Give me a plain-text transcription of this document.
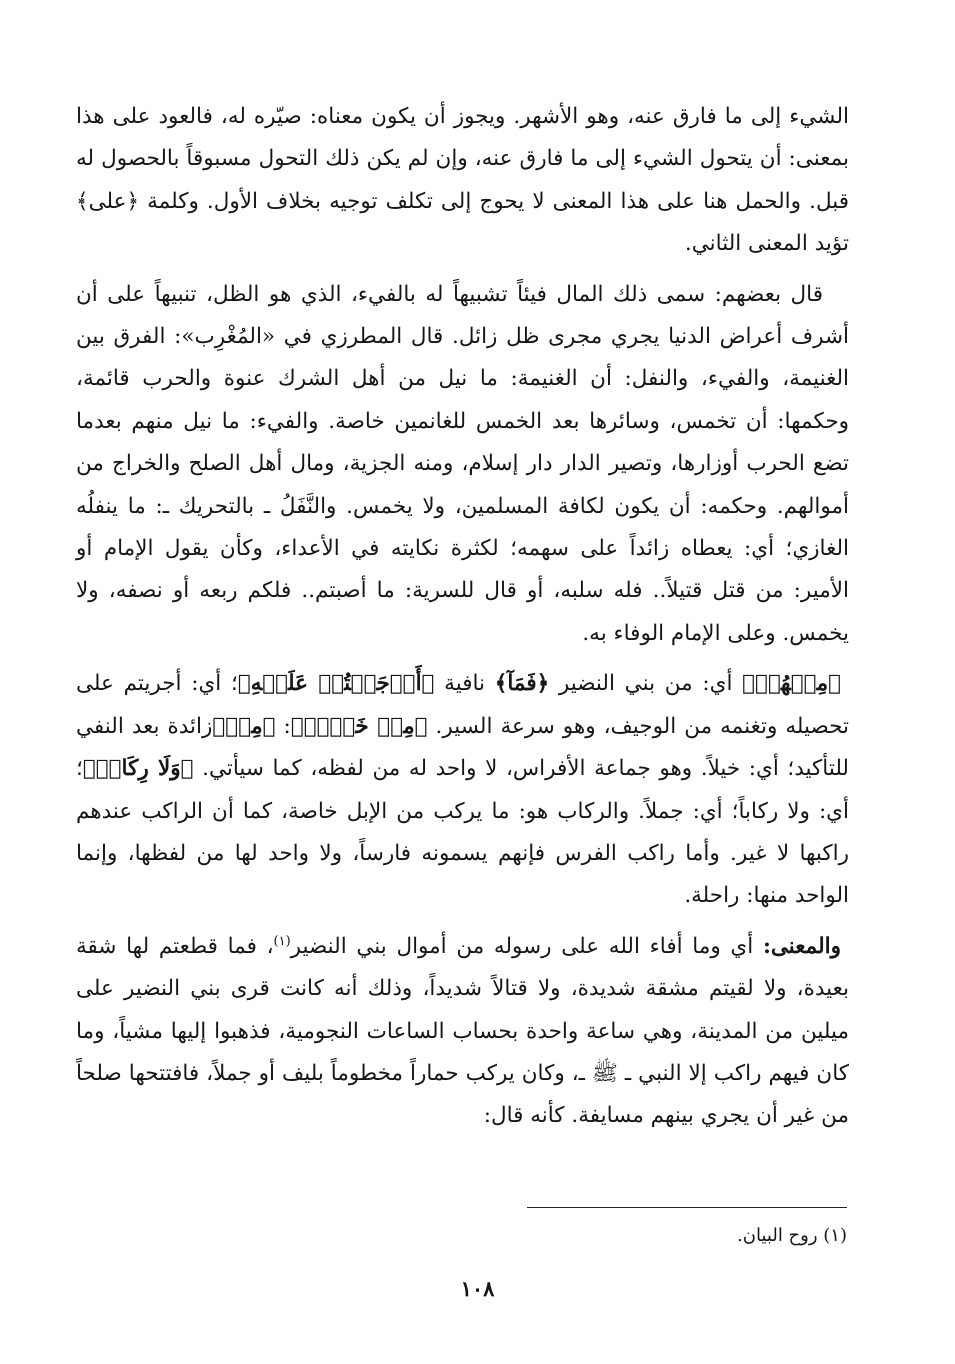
الشيء إلى ما فارق عنه، وهو الأشهر. ويجوز أن يكون معناه: صيّره له، فالعود على هذا بمعنى: أن يتحول الشيء إلى ما فارق عنه، وإن لم يكن ذلك التحول مسبوقاً بالحصول له قبل. والحمل هنا على هذا المعنى لا يحوج إلى تكلف توجيه بخلاف الأول. وكلمة ﴿على﴾ تؤيد المعنى الثاني.

قال بعضهم: سمى ذلك المال فيئاً تشبيهاً له بالفيء، الذي هو الظل، تنبيهاً على أن أشرف أعراض الدنيا يجري مجرى ظل زائل. قال المطرزي في «المُغْرِب»: الفرق بين الغنيمة، والفيء، والنفل: أن الغنيمة: ما نيل من أهل الشرك عنوة والحرب قائمة، وحكمها: أن تخمس، وسائرها بعد الخمس للغانمين خاصة. والفيء: ما نيل منهم بعدما تضع الحرب أوزارها، وتصير الدار دار إسلام، ومنه الجزية، ومال أهل الصلح والخراج من أموالهم. وحكمه: أن يكون لكافة المسلمين، ولا يخمس. والنَّفَلُ ـ بالتحريك ـ: ما ينفلُه الغازي؛ أي: يعطاه زائداً على سهمه؛ لكثرة نكايته في الأعداء، وكأن يقول الإمام أو الأمير: من قتل قتيلاً.. فله سلبه، أو قال للسرية: ما أصبتم.. فلكم ربعه أو نصفه، ولا يخمس. وعلى الإمام الوفاء به.

﴿مِنۡهُمۡ﴾ أي: من بني النضير ﴿فَمَآ﴾ نافية ﴿أَوۡجَفۡتُمۡ عَلَيۡهِ﴾؛ أي: أجريتم على تحصيله وتغنمه من الوجيف، وهو سرعة السير. ﴿مِنۡ خَيۡلٖ﴾: ﴿مِنۡ﴾زائدة بعد النفي للتأكيد؛ أي: خيلاً. وهو جماعة الأفراس، لا واحد له من لفظه، كما سيأتي. ﴿وَلَا رِكَابٖ﴾؛ أي: ولا ركاباً؛ أي: جملاً. والركاب هو: ما يركب من الإبل خاصة، كما أن الراكب عندهم راكبها لا غير. وأما راكب الفرس فإنهم يسمونه فارساً، ولا واحد لها من لفظها، وإنما الواحد منها: راحلة.

والمعنى: أي وما أفاء الله على رسوله من أموال بني النضير$^{(١)}$، فما قطعتم لها شقة بعيدة، ولا لقيتم مشقة شديدة، ولا قتالاً شديداً، وذلك أنه كانت قرى بني النضير على ميلين من المدينة، وهي ساعة واحدة بحساب الساعات النجومية، فذهبوا إليها مشياً، وما كان فيهم راكب إلا النبي ـ ﷺ ـ، وكان يركب حماراً مخطوماً بليف أو جملاً، فافتتحها صلحاً من غير أن يجري بينهم مسايفة. كأنه قال:

(١) روح البيان.
١٠٨
